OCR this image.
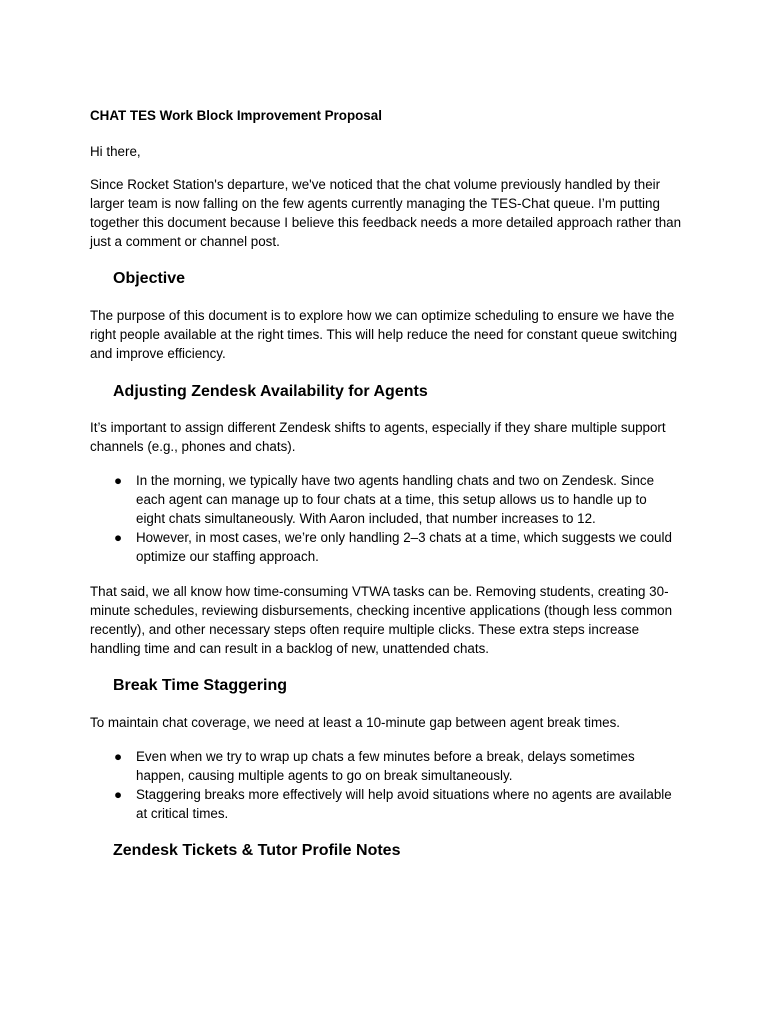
CHAT TES Work Block Improvement Proposal

Hi there,

Since Rocket Station's departure, we've noticed that the chat volume previously handled by their larger team is now falling on the few agents currently managing the TES-Chat queue. I’m putting together this document because I believe this feedback needs a more detailed approach rather than just a comment or channel post.

Objective

The purpose of this document is to explore how we can optimize scheduling to ensure we have the right people available at the right times. This will help reduce the need for constant queue switching and improve efficiency.

Adjusting Zendesk Availability for Agents

It’s important to assign different Zendesk shifts to agents, especially if they share multiple support channels (e.g., phones and chats).

● In the morning, we typically have two agents handling chats and two on Zendesk. Since each agent can manage up to four chats at a time, this setup allows us to handle up to eight chats simultaneously. With Aaron included, that number increases to 12.
● However, in most cases, we’re only handling 2–3 chats at a time, which suggests we could optimize our staffing approach.

That said, we all know how time-consuming VTWA tasks can be. Removing students, creating 30-minute schedules, reviewing disbursements, checking incentive applications (though less common recently), and other necessary steps often require multiple clicks. These extra steps increase handling time and can result in a backlog of new, unattended chats.

Break Time Staggering

To maintain chat coverage, we need at least a 10-minute gap between agent break times.

● Even when we try to wrap up chats a few minutes before a break, delays sometimes happen, causing multiple agents to go on break simultaneously.
● Staggering breaks more effectively will help avoid situations where no agents are available at critical times.
Zendesk Tickets & Tutor Profile Notes
